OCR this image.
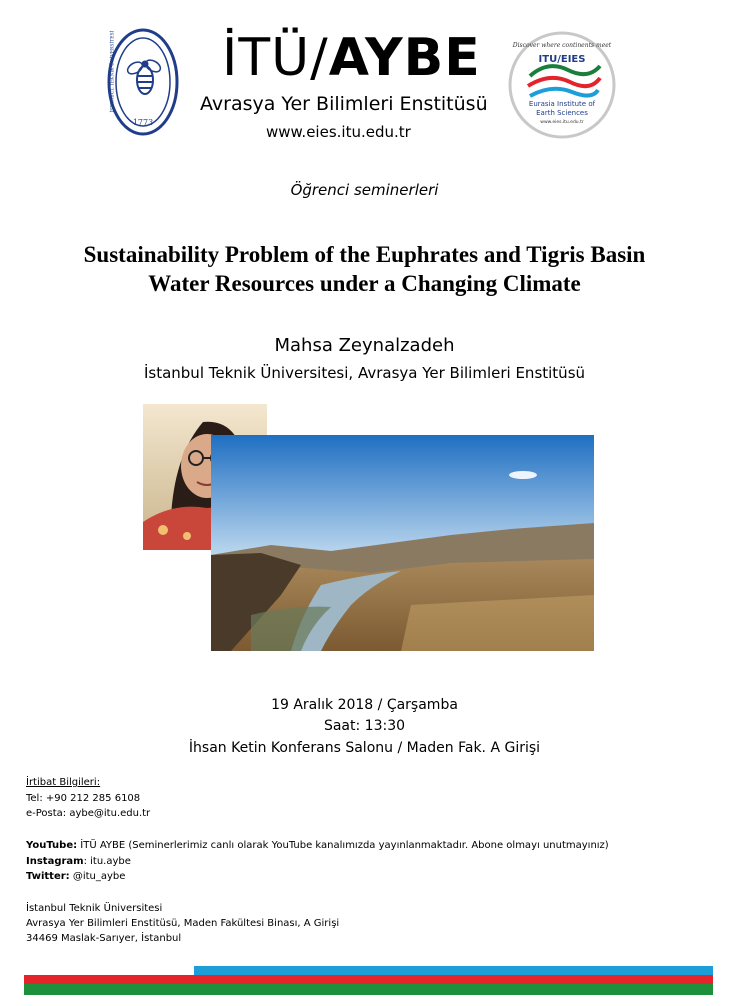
1773
İSTANBUL TEKNİK ÜNİVERSİTESİ İTÜ/AYBE
Avrasya Yer Bilimleri Enstitüsü
www.eies.itu.edu.tr
Discover where continents meet
ITU/EIES
Eurasia Institute of
Earth Sciences
www.eies.itu.edu.tr
Öğrenci seminerleri
Sustainability Problem of the Euphrates and Tigris Basin
Water Resources under a Changing Climate
Mahsa Zeynalzadeh
İstanbul Teknik Üniversitesi, Avrasya Yer Bilimleri Enstitüsü
19 Aralık 2018 / Çarşamba
Saat: 13:30
İhsan Ketin Konferans Salonu / Maden Fak. A Girişi
İrtibat Bilgileri:
Tel: +90 212 285 6108
e-Posta: aybe@itu.edu.tr
YouTube: İTÜ AYBE (Seminerlerimiz canlı olarak YouTube kanalımızda yayınlanmaktadır. Abone olmayı unutmayınız)
Instagram: itu.aybe
Twitter: @itu_aybe
İstanbul Teknik Üniversitesi
Avrasya Yer Bilimleri Enstitüsü, Maden Fakültesi Binası, A Girişi
34469 Maslak-Sarıyer, İstanbul
